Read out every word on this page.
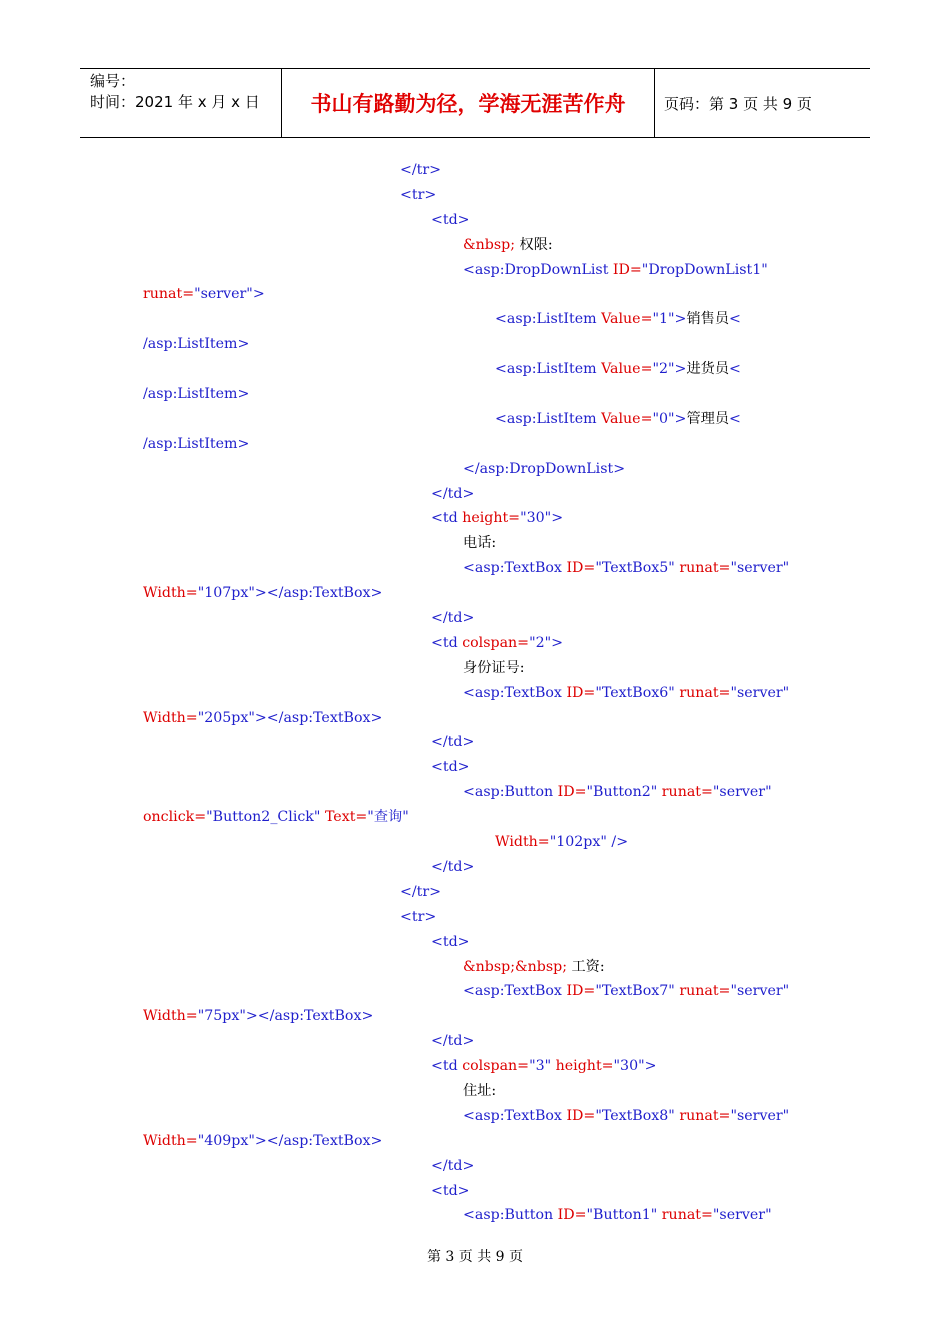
编号：
时间：2021 年 x 月 x 日	书山有路勤为径，学海无涯苦作舟	页码：第 3 页 共 9 页
</tr>
<tr>
<td>
&nbsp; 权限:
<asp:DropDownList ID="DropDownList1"
runat="server">
<asp:ListItem Value="1">销售员<
/asp:ListItem>
<asp:ListItem Value="2">进货员<
/asp:ListItem>
<asp:ListItem Value="0">管理员<
/asp:ListItem>
</asp:DropDownList>
</td>
<td height="30">
电话:
<asp:TextBox ID="TextBox5" runat="server"
Width="107px"></asp:TextBox>
</td>
<td colspan="2">
身份证号:
<asp:TextBox ID="TextBox6" runat="server"
Width="205px"></asp:TextBox>
</td>
<td>
<asp:Button ID="Button2" runat="server"
onclick="Button2_Click" Text="查询"
Width="102px" />
</td>
</tr>
<tr>
<td>
&nbsp;&nbsp; 工资:
<asp:TextBox ID="TextBox7" runat="server"
Width="75px"></asp:TextBox>
</td>
<td colspan="3" height="30">
住址:
<asp:TextBox ID="TextBox8" runat="server"
Width="409px"></asp:TextBox>
</td>
<td>
<asp:Button ID="Button1" runat="server"
第 3 页 共 9 页
